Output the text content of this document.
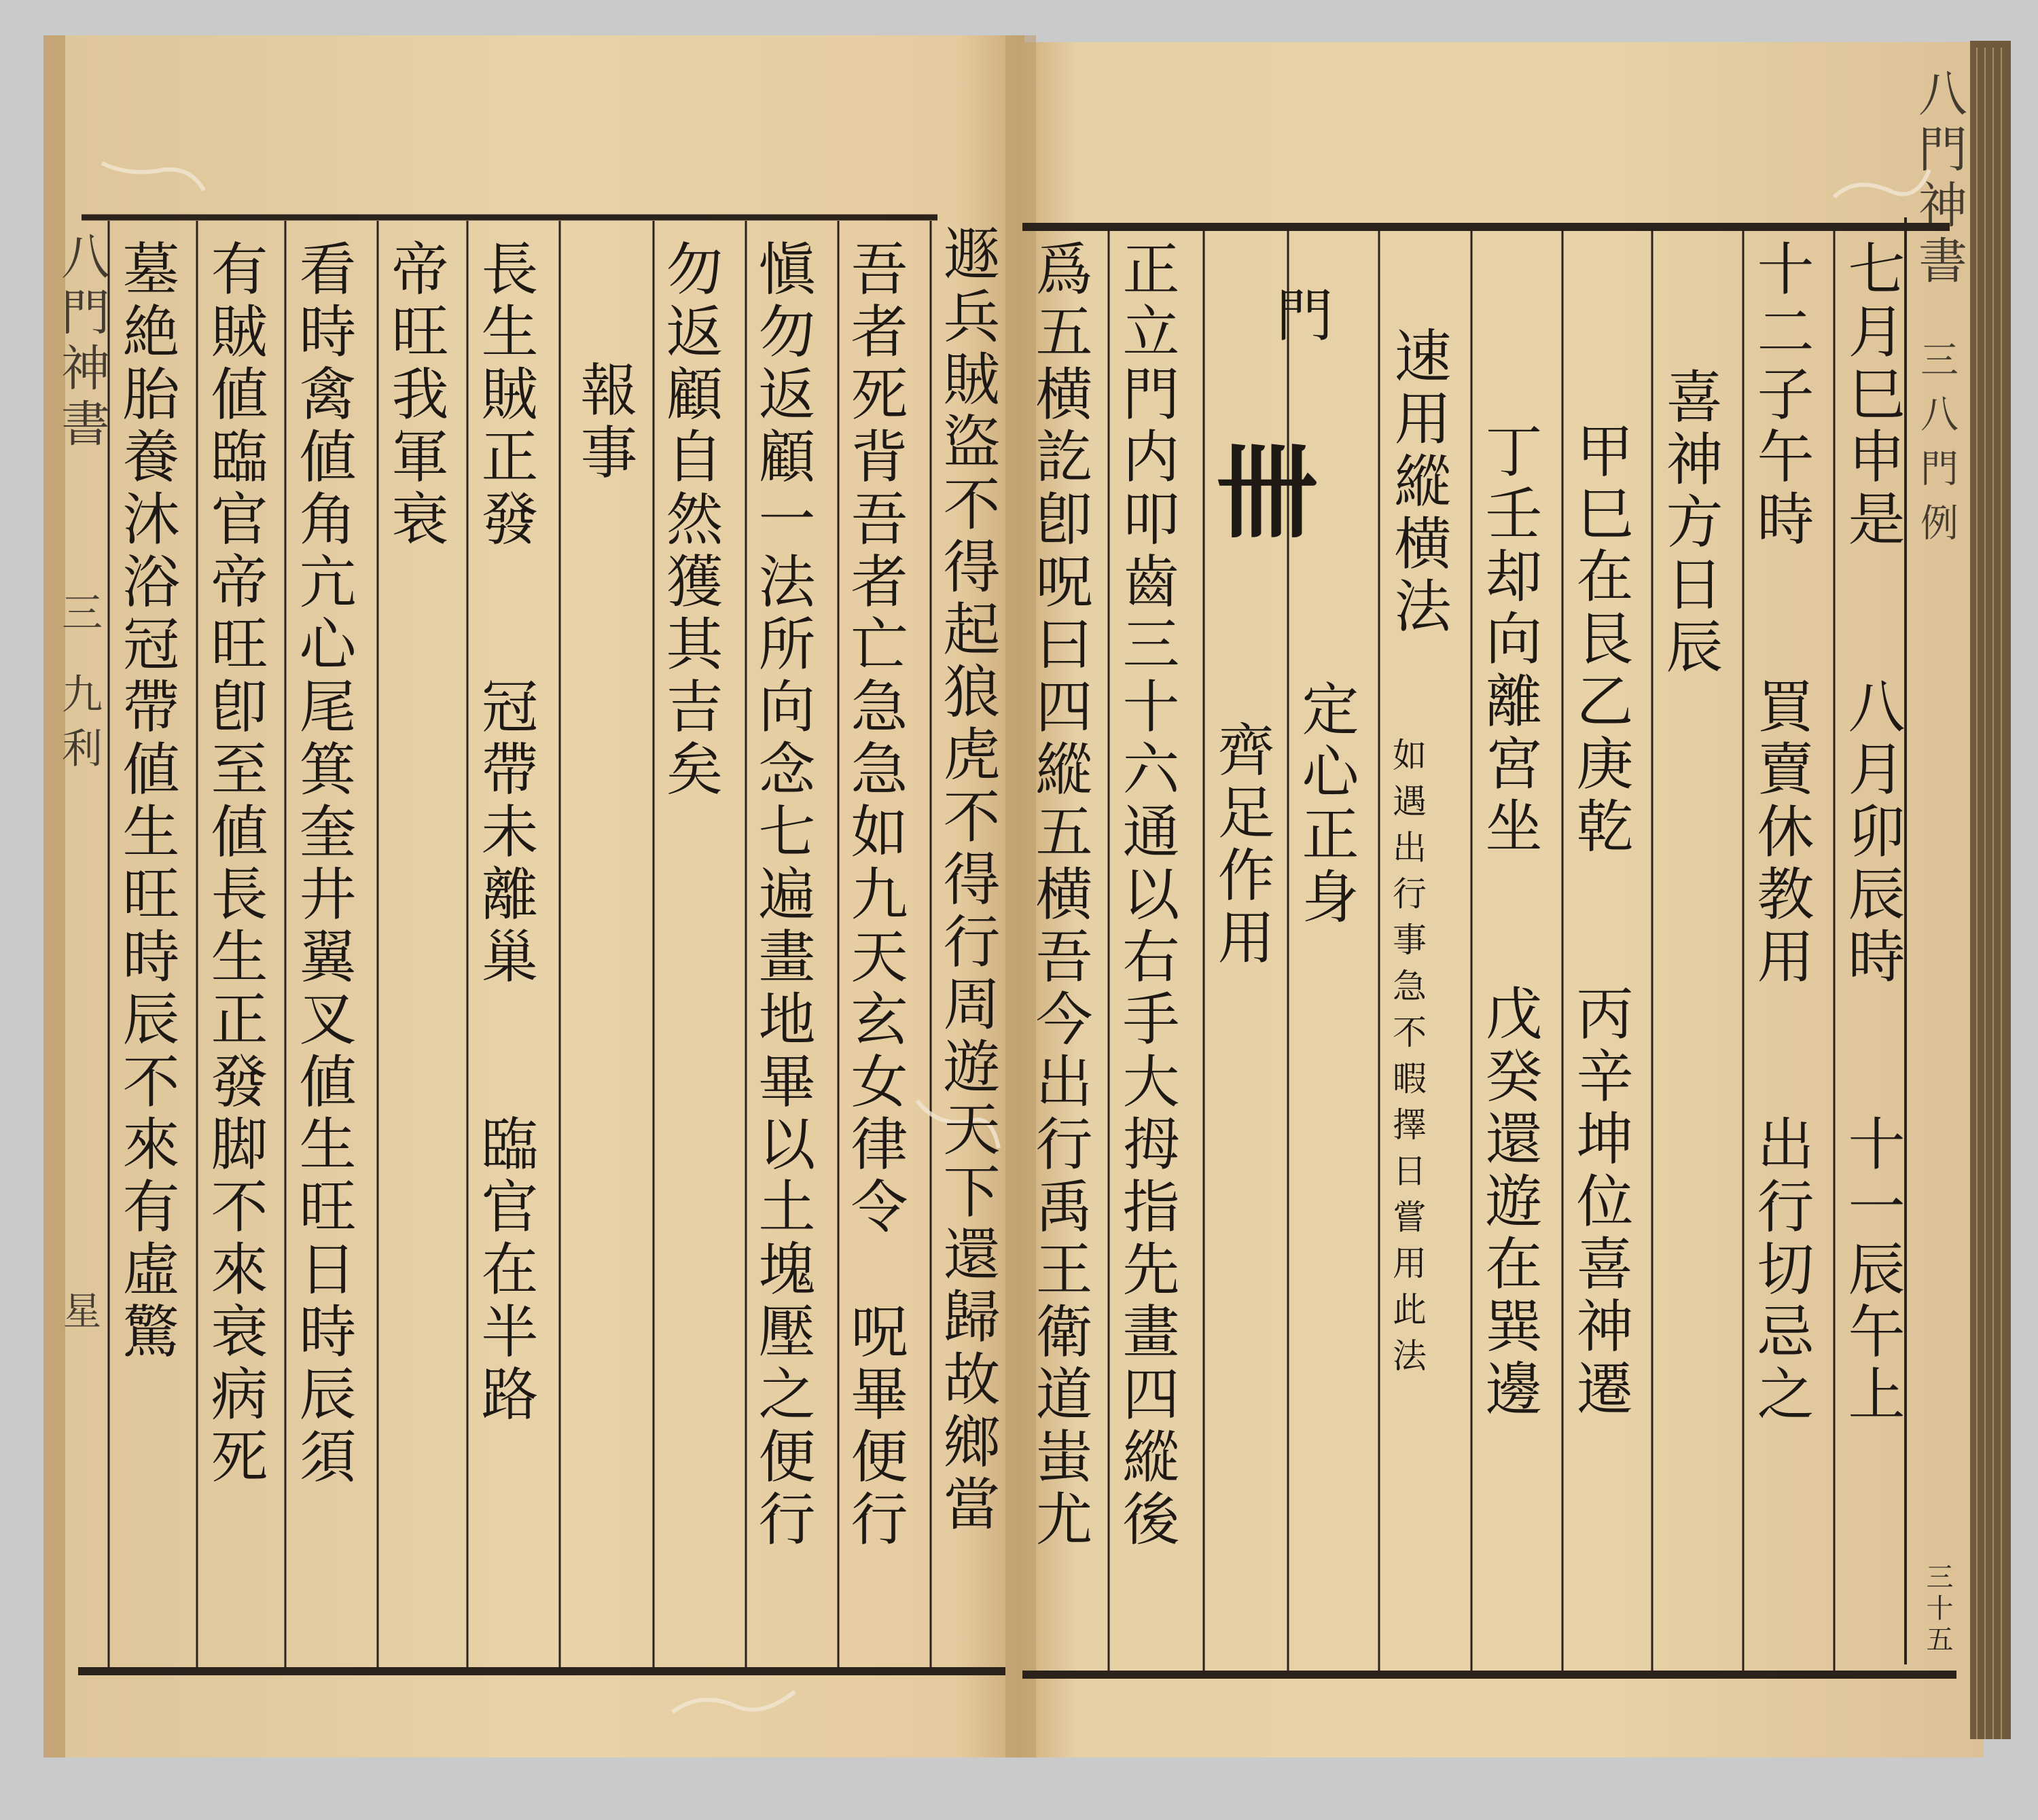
八門神書
三
九
利
星	遯兵賊盜不得起狼虎不得行周遊天下還歸故鄉當
吾者死背吾者亡急急如九天玄女律令　呪畢便行
愼勿返顧一法所向念七遍畫地畢以土塊壓之便行
勿返顧自然獲其吉矣
報事
長生賊正發　　冠帶未離巢　　臨官在半路
帝旺我軍衰
看時禽値角亢心尾箕奎井翼叉値生旺日時辰須
有賊値臨官帝旺卽至値長生正發脚不來衰病死
墓絶胎養沐浴冠帶値生旺時辰不來有虛驚	七月巳申是　　八月卯辰時　　十一辰午上
十二子午時　　買賣休教用　　出行切忌之
喜神方日辰
甲巳在艮乙庚乾　　丙辛坤位喜神遷
丁壬却向離宮坐　　戊癸還遊在巽邊
速用縱横法
如遇出行事急不暇擇日嘗用此法
門
卌
定心正身
齊足作用
正立門内叩齒三十六通以右手大拇指先畫四縱後
爲五横訖卽呪曰四縱五横吾今出行禹王衛道蚩尤
八門神書
三
八
門
例
三十五
